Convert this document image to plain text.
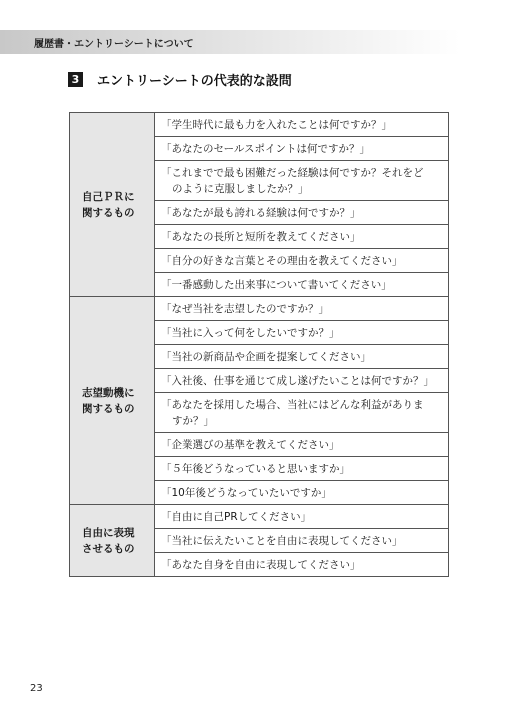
履歴書・エントリーシートについて
3 エントリーシートの代表的な設問
自己ＰＲに
関するもの	「学生時代に最も力を入れたことは何ですか？」

	「あなたのセールスポイントは何ですか？」

	「これまでで最も困難だった経験は何ですか？それをど
のように克服しましたか？」

	「あなたが最も誇れる経験は何ですか？」

	「あなたの長所と短所を教えてください」

	「自分の好きな言葉とその理由を教えてください」

	「一番感動した出来事について書いてください」

志望動機に
関するもの	「なぜ当社を志望したのですか？」

	「当社に入って何をしたいですか？」

	「当社の新商品や企画を提案してください」

	「入社後、仕事を通じて成し遂げたいことは何ですか？」

	「あなたを採用した場合、当社にはどんな利益がありま
すか？」

	「企業選びの基準を教えてください」

	「５年後どうなっていると思いますか」

	「10年後どうなっていたいですか」

自由に表現
させるもの	「自由に自己PRしてください」

	「当社に伝えたいことを自由に表現してください」

	「あなた自身を自由に表現してください」
23
